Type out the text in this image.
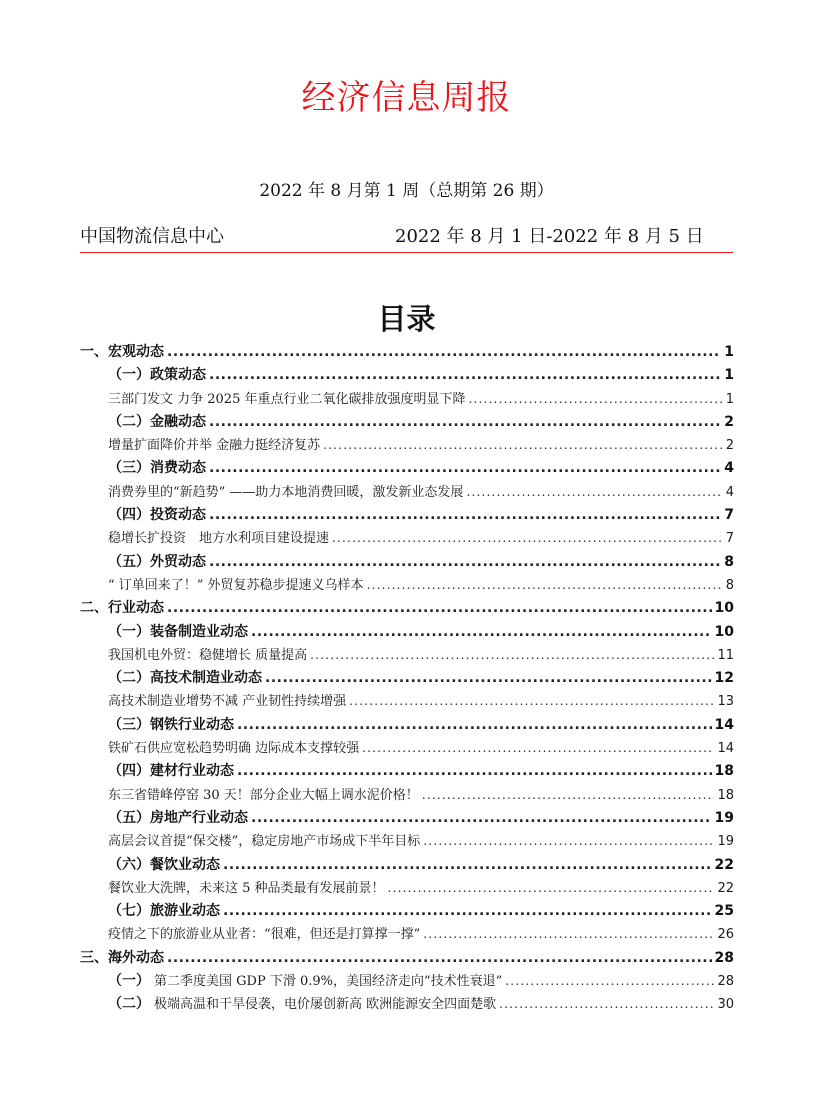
经济信息周报
2022 年 8 月第 1 周（总期第 26 期）
中国物流信息中心	2022 年 8 月 1 日-2022 年 8 月 5 日
目录
一、宏观动态 .....	1
（一）政策动态 .....	1
三部门发文 力争 2025 年重点行业二氧化碳排放强度明显下降 .....	1
（二）金融动态 .....	2
增量扩面降价并举 金融力挺经济复苏 .....	2
（三）消费动态 .....	4
消费券里的“新趋势” ——助力本地消费回暖，激发新业态发展 .....	4
（四）投资动态 .....	7
稳增长扩投资　地方水利项目建设提速 .....	7
（五）外贸动态 .....	8
“ 订单回来了！” 外贸复苏稳步提速义乌样本 .....	8
二、行业动态 .....	10
（一）装备制造业动态 .....	10
我国机电外贸：稳健增长 质量提高 .....	11
（二）高技术制造业动态 .....	12
高技术制造业增势不减 产业韧性持续增强 .....	13
（三）钢铁行业动态 .....	14
铁矿石供应宽松趋势明确 边际成本支撑较强 .....	14
（四）建材行业动态 .....	18
东三省错峰停窑 30 天！部分企业大幅上调水泥价格！ .....	18
（五）房地产行业动态 .....	19
高层会议首提“保交楼”，稳定房地产市场成下半年目标 .....	19
（六）餐饮业动态 .....	22
餐饮业大洗牌，未来这 5 种品类最有发展前景！ .....	22
（七）旅游业动态 .....	25
疫情之下的旅游业从业者：“很难，但还是打算撑一撑” .....	26
三、海外动态 .....	28
（一） 第二季度美国 GDP 下滑 0.9%，美国经济走向“技术性衰退” .....	28
（二） 极端高温和干旱侵袭，电价屡创新高 欧洲能源安全四面楚歌 .....	30
